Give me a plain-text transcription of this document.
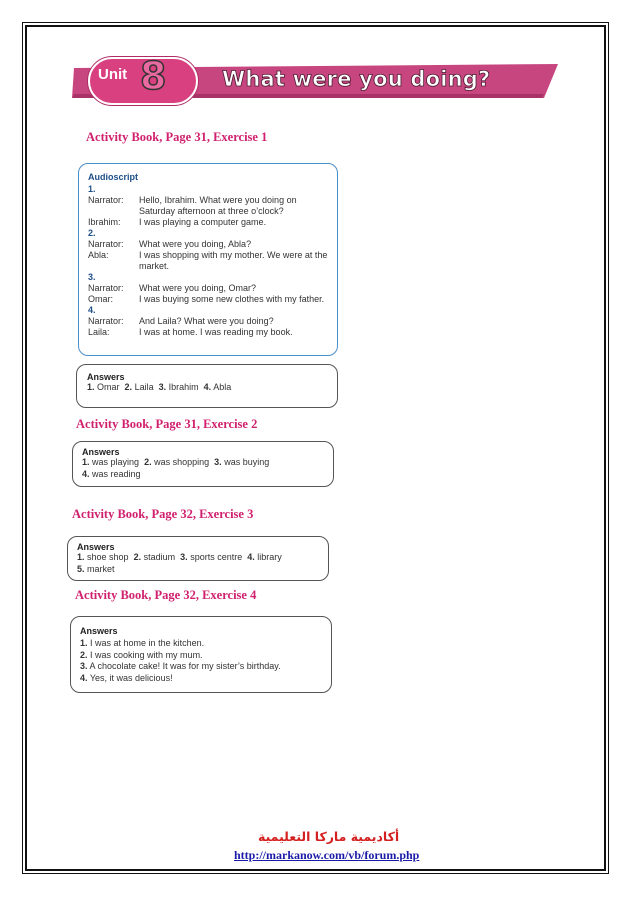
Unit 8	What were you doing?
Activity Book, Page 31, Exercise 1
Audioscript
1.
Narrator:	Hello, Ibrahim. What were you doing on Saturday afternoon at three o’clock?
Ibrahim:	I was playing a computer game.
2.
Narrator:	What were you doing, Abla?
Abla:	I was shopping with my mother. We were at the market.
3.
Narrator:	What were you doing, Omar?
Omar:	I was buying some new clothes with my father.
4.
Narrator:	And Laila? What were you doing?
Laila:	I was at home. I was reading my book.
Answers
1. Omar 2. Laila 3. Ibrahim 4. Abla
Activity Book, Page 31, Exercise 2
Answers
1. was playing 2. was shopping 3. was buying
4. was reading
Activity Book, Page 32, Exercise 3
Answers
1. shoe shop 2. stadium 3. sports centre 4. library
5. market
Activity Book, Page 32, Exercise 4
Answers
1. I was at home in the kitchen.
2. I was cooking with my mum.
3. A chocolate cake! It was for my sister’s birthday.
4. Yes, it was delicious!
أكاديمية ماركا التعليمية
http://markanow.com/vb/forum.php
